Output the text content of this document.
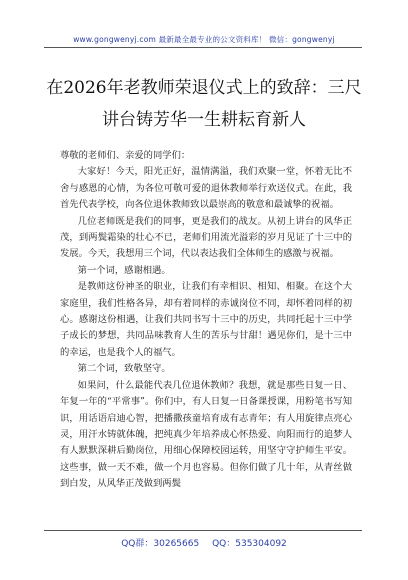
www.gongwenyj.com 最新最全最专业的公文资料库！ 微信：gongwenyj
在2026年老教师荣退仪式上的致辞：三尺
讲台铸芳华一生耕耘育新人

尊敬的老师们、亲爱的同学们：

大家好！今天，阳光正好，温情满溢，我们欢聚一堂，怀着无比不舍与感恩的心情，为各位可敬可爱的退休教师举行欢送仪式。在此，我首先代表学校，向各位退休教师致以最崇高的敬意和最诚挚的祝福。

几位老师既是我们的同事，更是我们的战友。从初上讲台的风华正茂，到两鬓霜染的壮心不已，老师们用流光溢彩的岁月见证了十三中的发展。今天，我想用三个词，代以表达我们全体师生的感激与祝福。

第一个词，感谢相遇。

是教师这份神圣的职业，让我们有幸相识、相知、相聚。在这个大家庭里，我们性格各异，却有着同样的赤诚岗位不同，却怀着同样的初心。感谢这份相遇，让我们共同书写十三中的历史，共同托起十三中学子成长的梦想，共同品味教育人生的苦乐与甘甜！遇见你们，是十三中的幸运，也是我个人的福气。

第二个词，致敬坚守。

如果问，什么最能代表几位退休教师？我想，就是那些日复一日、年复一年的“平常事”。你们中，有人日复一日备课授课，用粉笔书写知识，用话语启迪心智，把播撒孩童培育成有志青年；有人用旋律点亮心灵，用汗水铸就体魄，把纯真少年培养成心怀热爱、向阳而行的追梦人有人默默深耕后勤岗位，用细心保障校园运转，用坚守守护师生平安。这些事，做一天不难，做一个月也容易。但你们做了几十年，从青丝做到白发，从风华正茂做到两鬓

QQ群：30265665 QQ：535304092
